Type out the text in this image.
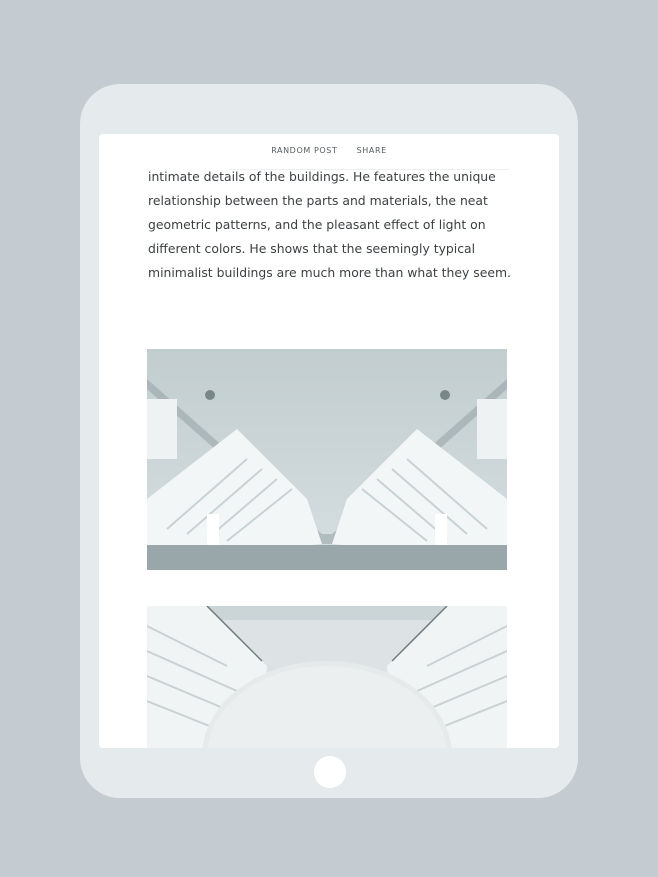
RANDOM POST SHARE

intimate details of the buildings. He features the unique relationship between the parts and materials, the neat geometric patterns, and the pleasant effect of light on different colors. He shows that the seemingly typical minimalist buildings are much more than what they seem.
